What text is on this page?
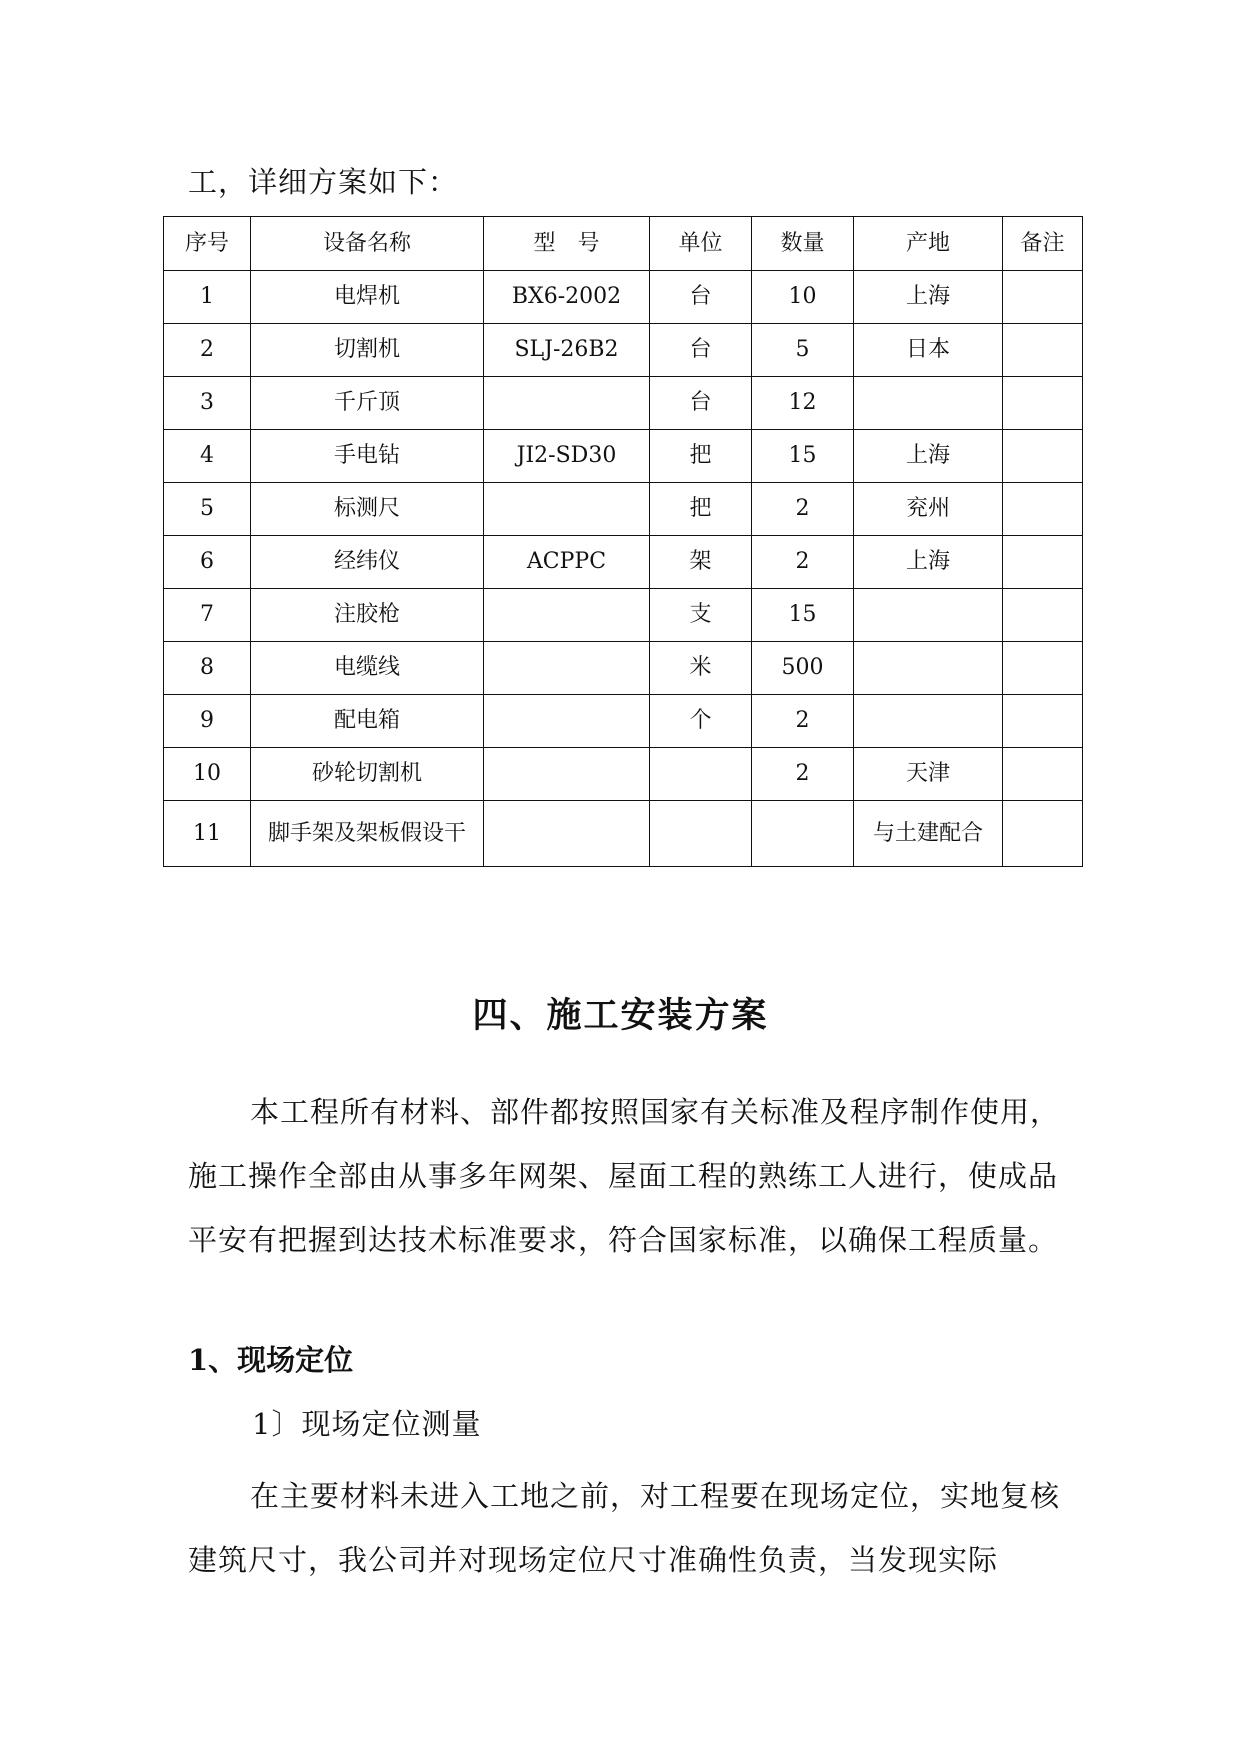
工，详细方案如下：
序号	设备名称	型　号	单位	数量	产地	备注
1	电焊机	BX6-2002	台	10	上海	
2	切割机	SLJ-26B2	台	5	日本	
3	千斤顶		台	12		
4	手电钻	JI2-SD30	把	15	上海	
5	标测尺		把	2	兖州	
6	经纬仪	ACPPC	架	2	上海	
7	注胶枪		支	15		
8	电缆线		米	500		
9	配电箱		个	2		
10	砂轮切割机			2	天津	
11	脚手架及架板假设干				与土建配合	
四、施工安装方案
本工程所有材料、部件都按照国家有关标准及程序制作使用，施工操作全部由从事多年网架、屋面工程的熟练工人进行，使成品平安有把握到达技术标准要求，符合国家标准，以确保工程质量。
1、现场定位
1〕现场定位测量
在主要材料未进入工地之前，对工程要在现场定位，实地复核建筑尺寸，我公司并对现场定位尺寸准确性负责，当发现实际
